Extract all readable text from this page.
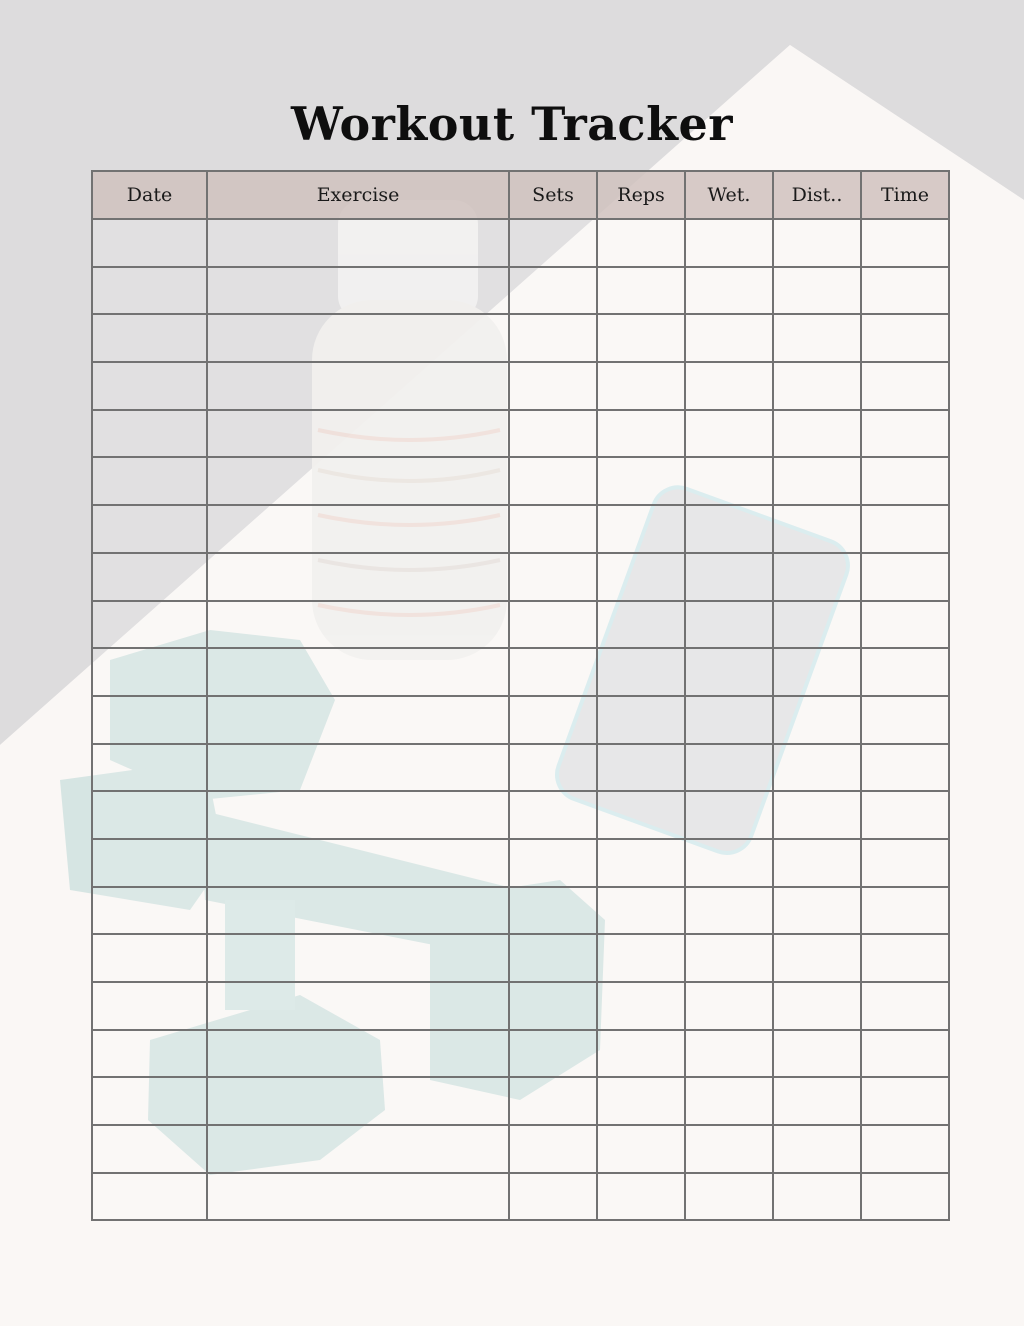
Workout Tracker
Date	Exercise	Sets	Reps	Wet.	Dist..	Time
